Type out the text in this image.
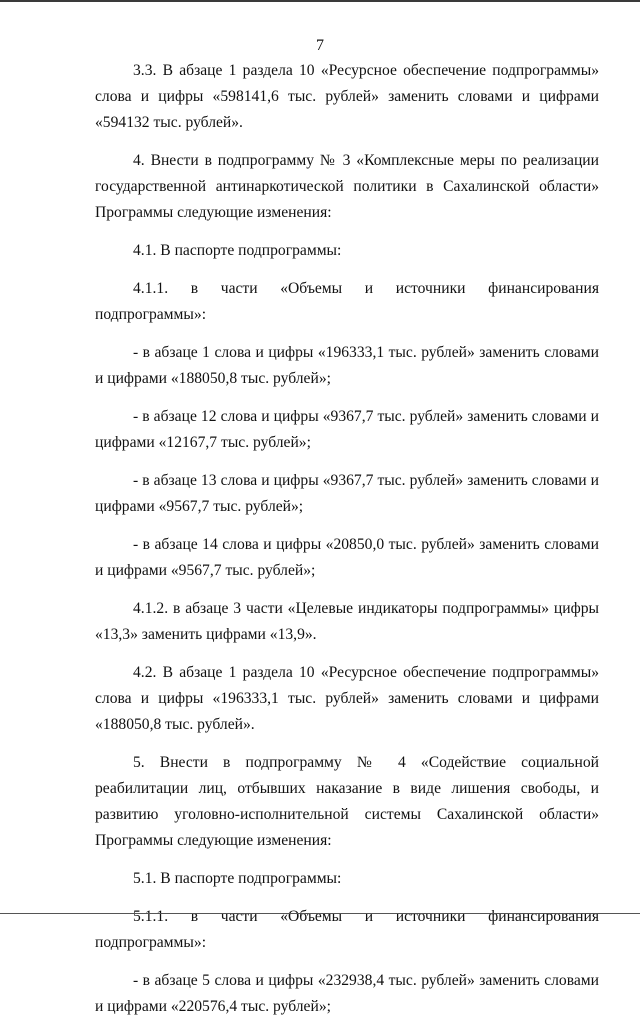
7

3.3. В абзаце 1 раздела 10 «Ресурсное обеспечение подпрограммы» слова и цифры «598141,6 тыс. рублей» заменить словами и цифрами «594132 тыс. рублей».

4. Внести в подпрограмму № 3 «Комплексные меры по реализации государственной антинаркотической политики в Сахалинской области» Программы следующие изменения:

4.1. В паспорте подпрограммы:

4.1.1. в части «Объемы и источники финансирования подпрограммы»:

- в абзаце 1 слова и цифры «196333,1 тыс. рублей» заменить словами и цифрами «188050,8 тыс. рублей»;

- в абзаце 12 слова и цифры «9367,7 тыс. рублей» заменить словами и цифрами «12167,7 тыс. рублей»;

- в абзаце 13 слова и цифры «9367,7 тыс. рублей» заменить словами и цифрами «9567,7 тыс. рублей»;

- в абзаце 14 слова и цифры «20850,0 тыс. рублей» заменить словами и цифрами «9567,7 тыс. рублей»;

4.1.2. в абзаце 3 части «Целевые индикаторы подпрограммы» цифры «13,3» заменить цифрами «13,9».

4.2. В абзаце 1 раздела 10 «Ресурсное обеспечение подпрограммы» слова и цифры «196333,1 тыс. рублей» заменить словами и цифрами «188050,8 тыс. рублей».

5. Внести в подпрограмму № 4 «Содействие социальной реабилитации лиц, отбывших наказание в виде лишения свободы, и развитию уголовно-исполнительной системы Сахалинской области» Программы следующие изменения:

5.1. В паспорте подпрограммы:

5.1.1. в части «Объемы и источники финансирования подпрограммы»:

- в абзаце 5 слова и цифры «232938,4 тыс. рублей» заменить словами и цифрами «220576,4 тыс. рублей»;
